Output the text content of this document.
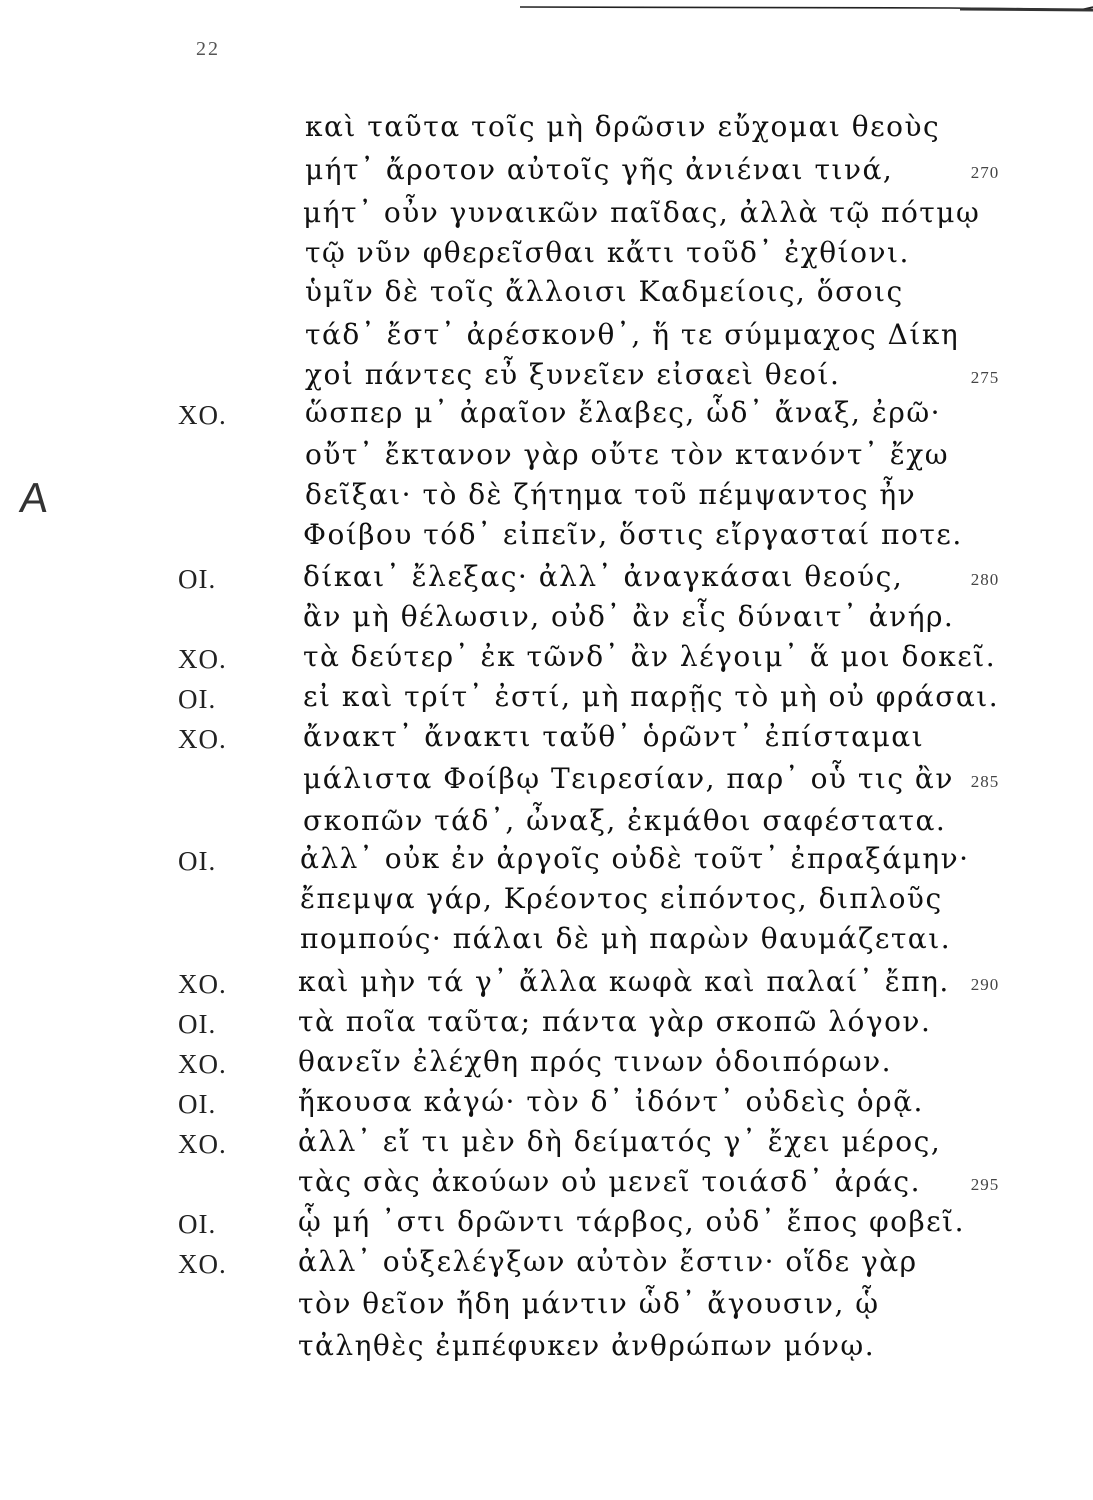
22
A
καὶ ταῦτα τοῖς μὴ δρῶσιν εὔχομαι θεοὺς
μήτ᾽ ἄροτον αὐτοῖς γῆς ἀνιέναι τινά,	270
μήτ᾽ οὖν γυναικῶν παῖδας, ἀλλὰ τῷ πότμῳ
τῷ νῦν φθερεῖσθαι κἄτι τοῦδ᾽ ἐχθίονι.
ὑμῖν δὲ τοῖς ἄλλοισι Καδμείοις, ὅσοις
τάδ᾽ ἔστ᾽ ἀρέσκονθ᾽, ἥ τε σύμμαχος Δίκη
χοἰ πάντες εὖ ξυνεῖεν εἰσαεὶ θεοί.	275
ΧΟ.	ὥσπερ μ᾽ ἀραῖον ἔλαβες, ὧδ᾽ ἄναξ, ἐρῶ·
οὔτ᾽ ἔκτανον γὰρ οὔτε τὸν κτανόντ᾽ ἔχω
δεῖξαι· τὸ δὲ ζήτημα τοῦ πέμψαντος ἦν
Φοίβου τόδ᾽ εἰπεῖν, ὅστις εἴργασταί ποτε.
ΟΙ.	δίκαι᾽ ἔλεξας· ἀλλ᾽ ἀναγκάσαι θεούς,	280
ἂν μὴ θέλωσιν, οὐδ᾽ ἂν εἷς δύναιτ᾽ ἀνήρ.
ΧΟ.	τὰ δεύτερ᾽ ἐκ τῶνδ᾽ ἂν λέγοιμ᾽ ἅ μοι δοκεῖ.
ΟΙ.	εἰ καὶ τρίτ᾽ ἐστί, μὴ παρῇς τὸ μὴ οὐ φράσαι.
ΧΟ.	ἄνακτ᾽ ἄνακτι ταὔθ᾽ ὁρῶντ᾽ ἐπίσταμαι
μάλιστα Φοίβῳ Τειρεσίαν, παρ᾽ οὗ τις ἂν 285
σκοπῶν τάδ᾽, ὦναξ, ἐκμάθοι σαφέστατα.
ΟΙ.	ἀλλ᾽ οὐκ ἐν ἀργοῖς οὐδὲ τοῦτ᾽ ἐπραξάμην·
ἔπεμψα γάρ, Κρέοντος εἰπόντος, διπλοῦς
πομπούς· πάλαι δὲ μὴ παρὼν θαυμάζεται.
ΧΟ.	καὶ μὴν τά γ᾽ ἄλλα κωφὰ καὶ παλαί᾽ ἔπη.	290
ΟΙ.	τὰ ποῖα ταῦτα; πάντα γὰρ σκοπῶ λόγον.
ΧΟ.	θανεῖν ἐλέχθη πρός τινων ὁδοιπόρων.
ΟΙ.	ἤκουσα κἀγώ· τὸν δ᾽ ἰδόντ᾽ οὐδεὶς ὁρᾷ.
ΧΟ.	ἀλλ᾽ εἴ τι μὲν δὴ δείματός γ᾽ ἔχει μέρος,
τὰς σὰς ἀκούων οὐ μενεῖ τοιάσδ᾽ ἀράς.	295
ΟΙ.	ᾧ μή ᾽στι δρῶντι τάρβος, οὐδ᾽ ἔπος φοβεῖ.
ΧΟ.	ἀλλ᾽ οὑξελέγξων αὐτὸν ἔστιν· οἵδε γὰρ
τὸν θεῖον ἤδη μάντιν ὧδ᾽ ἄγουσιν, ᾧ
τἀληθὲς ἐμπέφυκεν ἀνθρώπων μόνῳ.
